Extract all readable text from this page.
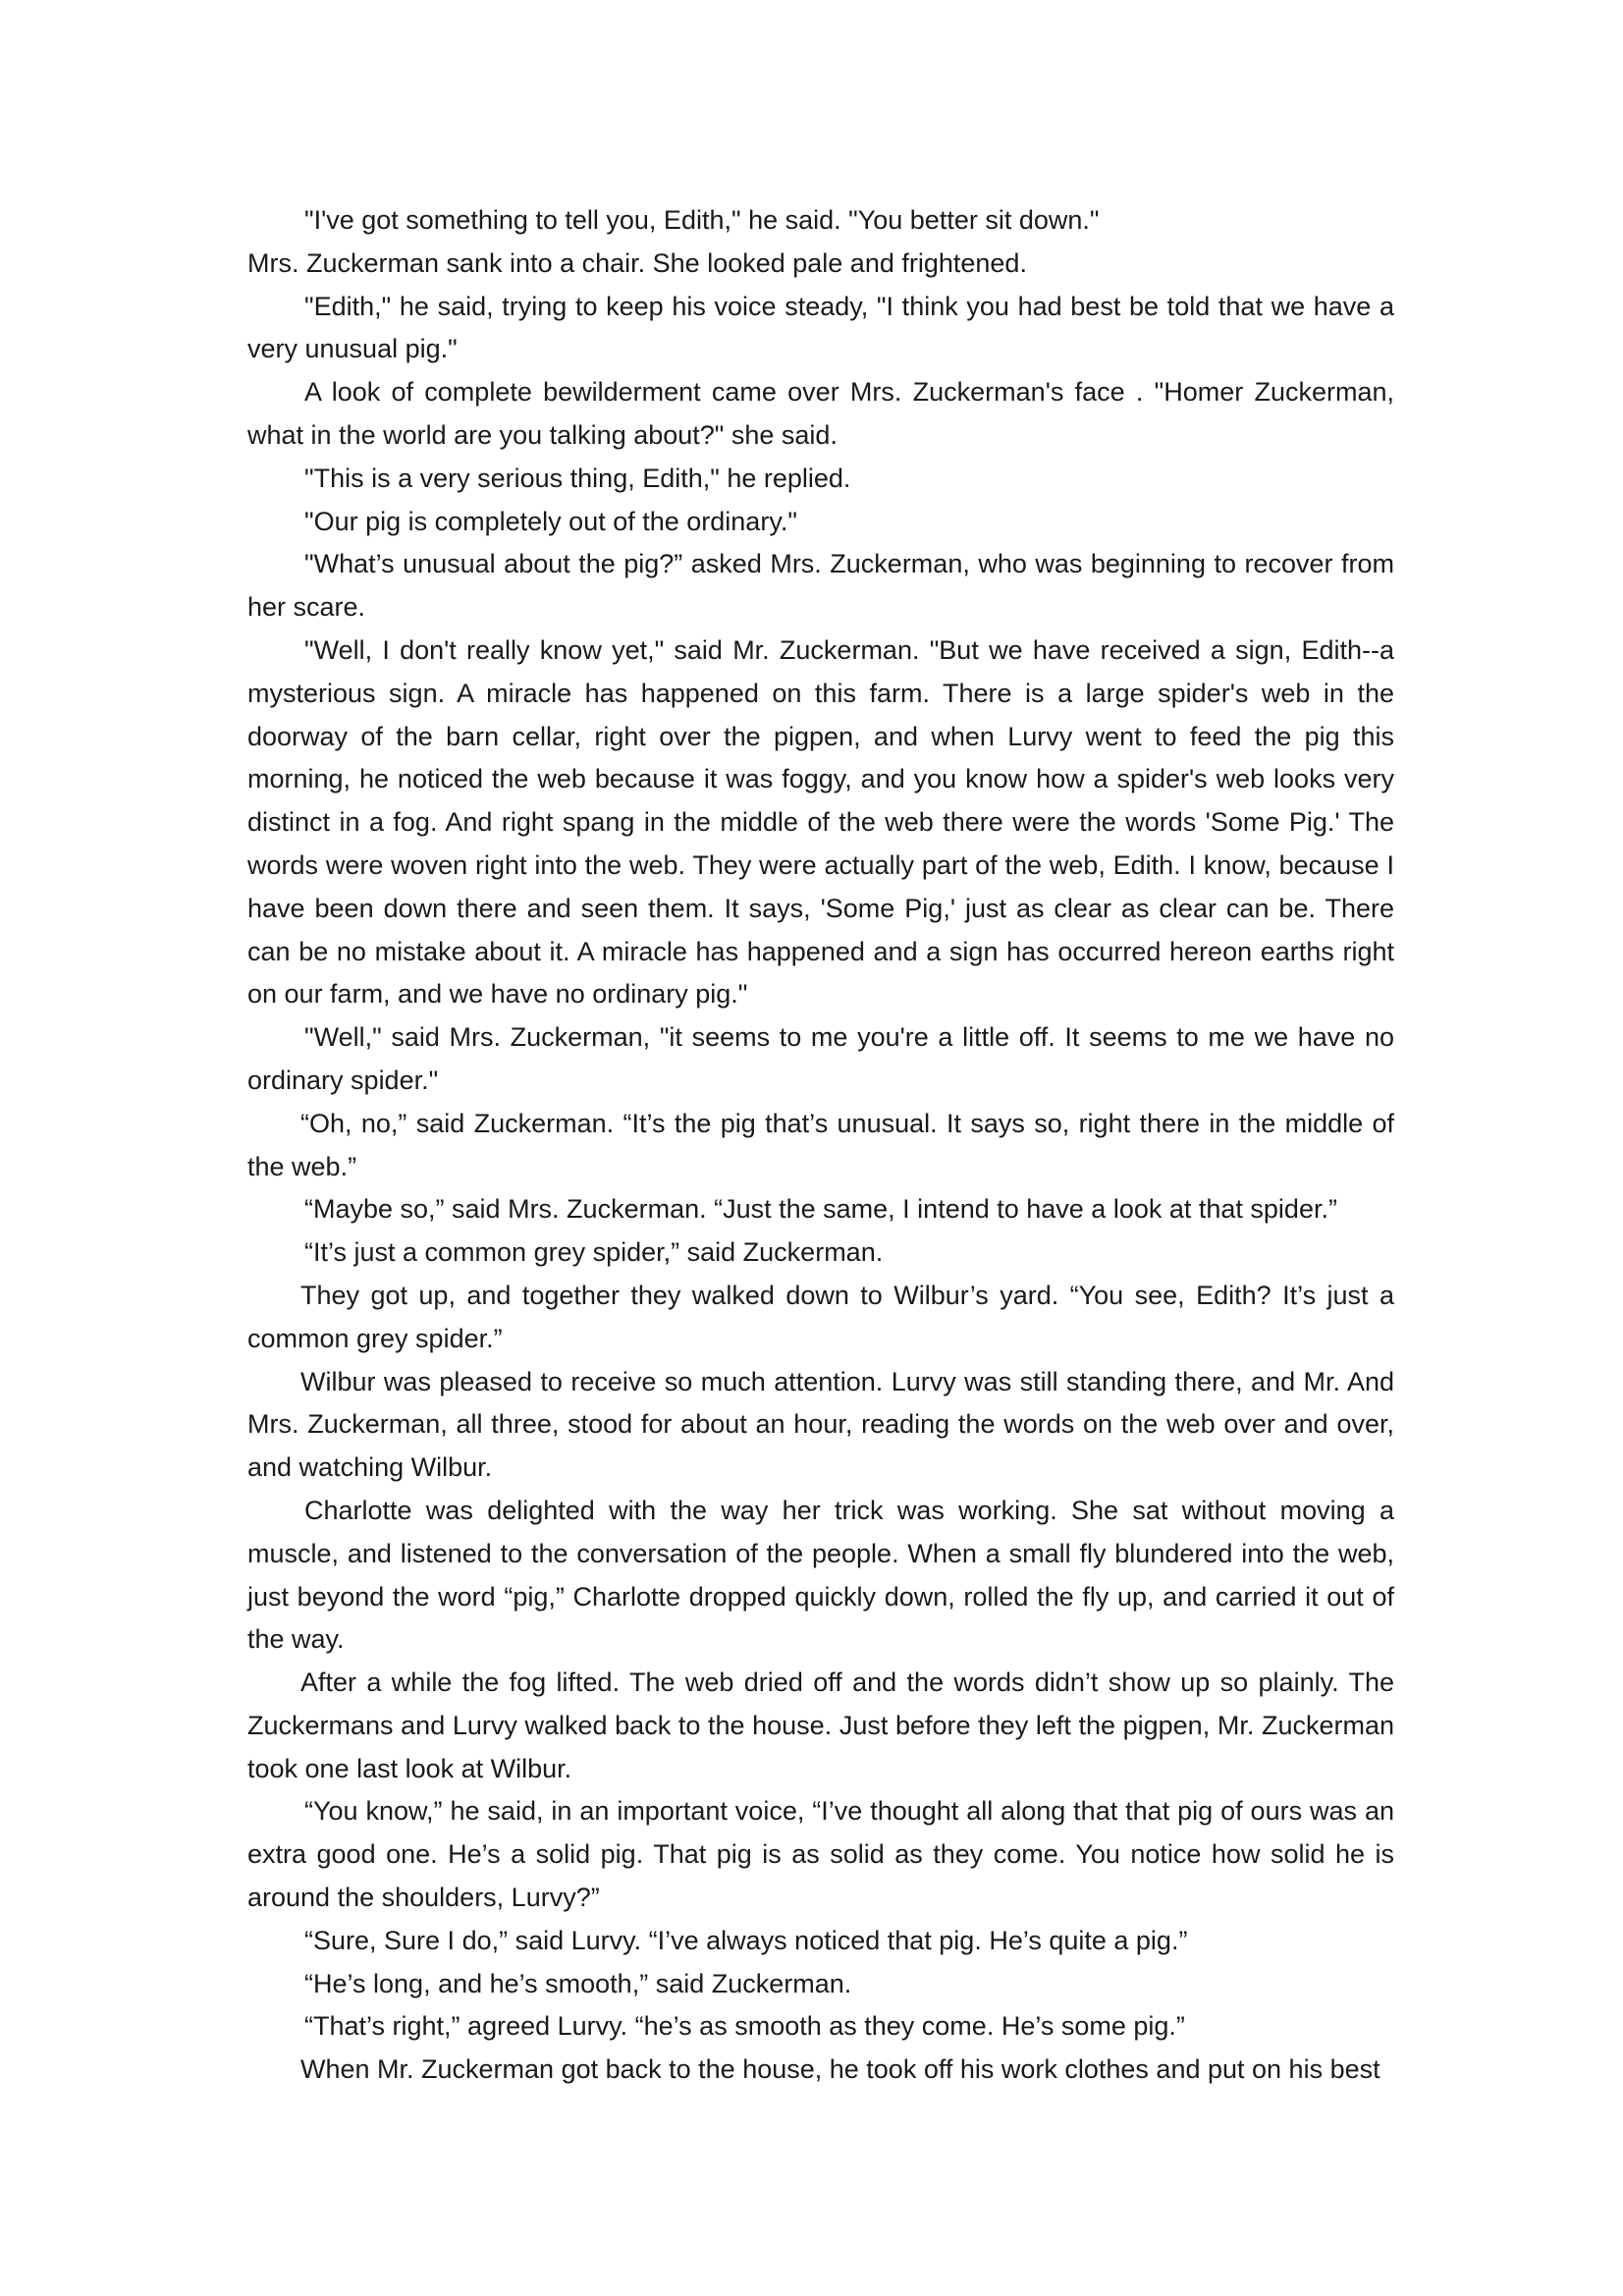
"I've got something to tell you, Edith," he said. "You better sit down."

Mrs. Zuckerman sank into a chair. She looked pale and frightened.

"Edith," he said, trying to keep his voice steady, "I think you had best be told that we have a very unusual pig."

A look of complete bewilderment came over Mrs. Zuckerman's face . "Homer Zuckerman, what in the world are you talking about?" she said.

"This is a very serious thing, Edith," he replied.

"Our pig is completely out of the ordinary."

"What’s unusual about the pig?” asked Mrs. Zuckerman, who was beginning to recover from her scare.

"Well, I don't really know yet," said Mr. Zuckerman. "But we have received a sign, Edith--a mysterious sign. A miracle has happened on this farm. There is a large spider's web in the doorway of the barn cellar, right over the pigpen, and when Lurvy went to feed the pig this morning, he noticed the web because it was foggy, and you know how a spider's web looks very distinct in a fog. And right spang in the middle of the web there were the words 'Some Pig.' The words were woven right into the web. They were actually part of the web, Edith. I know, because I have been down there and seen them. It says, 'Some Pig,' just as clear as clear can be. There can be no mistake about it. A miracle has happened and a sign has occurred hereon earths right on our farm, and we have no ordinary pig."

"Well," said Mrs. Zuckerman, "it seems to me you're a little off. It seems to me we have no ordinary spider."

“Oh, no,” said Zuckerman. “It’s the pig that’s unusual. It says so, right there in the middle of the web.”

“Maybe so,” said Mrs. Zuckerman. “Just the same, I intend to have a look at that spider.”

“It’s just a common grey spider,” said Zuckerman.

They got up, and together they walked down to Wilbur’s yard. “You see, Edith? It’s just a common grey spider.”

Wilbur was pleased to receive so much attention. Lurvy was still standing there, and Mr. And Mrs. Zuckerman, all three, stood for about an hour, reading the words on the web over and over, and watching Wilbur.

Charlotte was delighted with the way her trick was working. She sat without moving a muscle, and listened to the conversation of the people. When a small fly blundered into the web, just beyond the word “pig,” Charlotte dropped quickly down, rolled the fly up, and carried it out of the way.

After a while the fog lifted. The web dried off and the words didn’t show up so plainly. The Zuckermans and Lurvy walked back to the house. Just before they left the pigpen, Mr. Zuckerman took one last look at Wilbur.

“You know,” he said, in an important voice, “I’ve thought all along that that pig of ours was an extra good one. He’s a solid pig. That pig is as solid as they come. You notice how solid he is around the shoulders, Lurvy?”

“Sure, Sure I do,” said Lurvy. “I’ve always noticed that pig. He’s quite a pig.”

“He’s long, and he’s smooth,” said Zuckerman.

“That’s right,” agreed Lurvy. “he’s as smooth as they come. He’s some pig.”

When Mr. Zuckerman got back to the house, he took off his work clothes and put on his best
